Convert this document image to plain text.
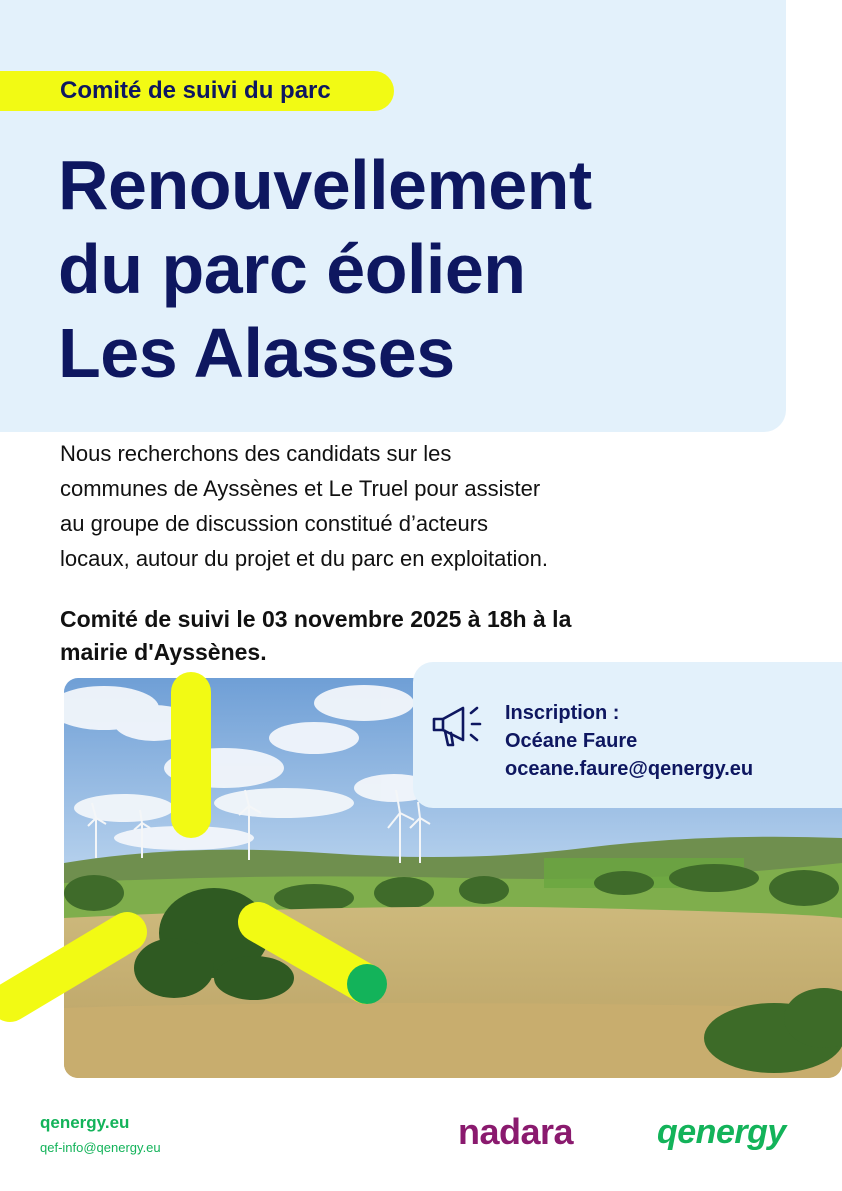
Comité de suivi du parc
Renouvellement
du parc éolien
Les Alasses
Nous recherchons des candidats sur les
communes de Ayssènes et Le Truel pour assister
au groupe de discussion constitué d’acteurs
locaux, autour du projet et du parc en exploitation.
Comité de suivi le 03 novembre 2025 à 18h à la
mairie d'Ayssènes.
Inscription :
Océane Faure
oceane.faure@qenergy.eu
qenergy.eu
qef-info@qenergy.eu	nadara qenergy
